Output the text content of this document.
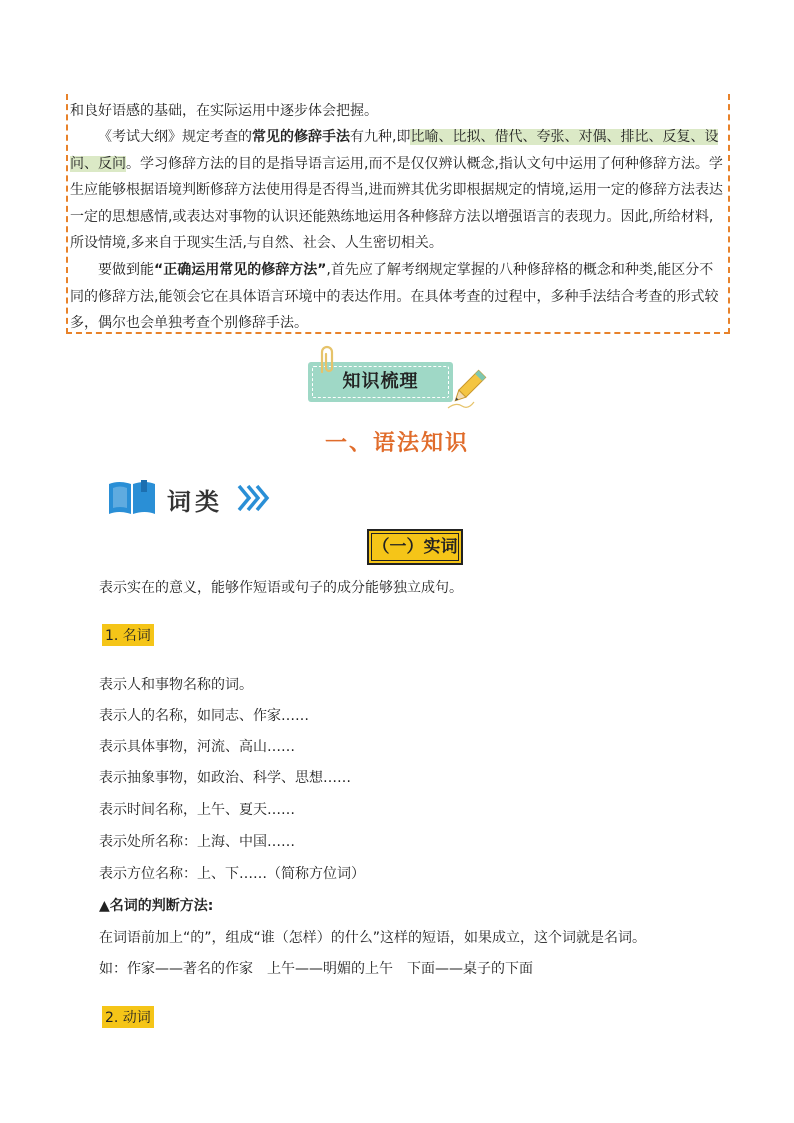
和良好语感的基础，在实际运用中逐步体会把握。

《考试大纲》规定考查的常见的修辞手法有九种,即比喻、比拟、借代、夸张、对偶、排比、反复、设问、反问。学习修辞方法的目的是指导语言运用,而不是仅仅辨认概念,指认文句中运用了何种修辞方法。学生应能够根据语境判断修辞方法使用得是否得当,进而辨其优劣即根据规定的情境,运用一定的修辞方法表达一定的思想感情,或表达对事物的认识还能熟练地运用各种修辞方法以增强语言的表现力。因此,所给材料,所设情境,多来自于现实生活,与自然、社会、人生密切相关。

要做到能“正确运用常见的修辞方法”,首先应了解考纲规定掌握的八种修辞格的概念和种类,能区分不同的修辞方法,能领会它在具体语言环境中的表达作用。在具体考查的过程中，多种手法结合考查的形式较多，偶尔也会单独考查个别修辞手法。

知识梳理
一、语法知识
词类
（一）实词
表示实在的意义，能够作短语或句子的成分能够独立成句。
1. 名词
表示人和事物名称的词。
表示人的名称，如同志、作家……
表示具体事物，河流、高山……
表示抽象事物，如政治、科学、思想……
表示时间名称，上午、夏天……
表示处所名称：上海、中国……
表示方位名称：上、下……（简称方位词）
▲名词的判断方法:
在词语前加上“的”，组成“谁（怎样）的什么”这样的短语，如果成立，这个词就是名词。
如：作家——著名的作家　上午——明媚的上午　下面——桌子的下面
2. 动词
